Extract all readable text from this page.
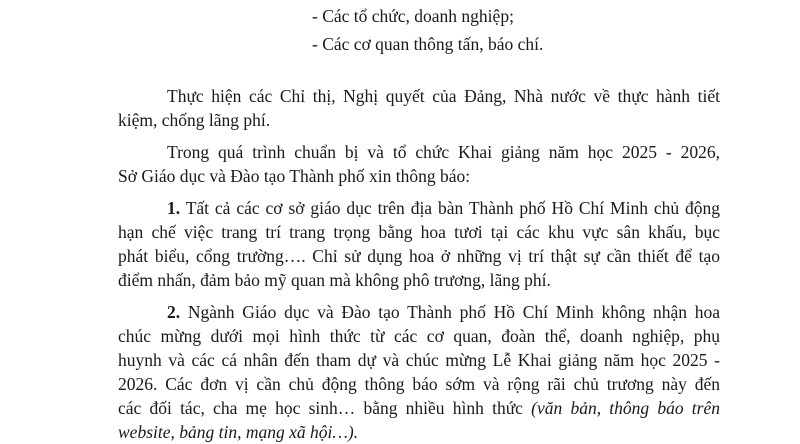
- Các tổ chức, doanh nghiệp;
- Các cơ quan thông tấn, báo chí.
Thực hiện các Chỉ thị, Nghị quyết của Đảng, Nhà nước về thực hành tiết
kiệm, chống lãng phí.
Trong quá trình chuẩn bị và tổ chức Khai giảng năm học 2025 - 2026,
Sở Giáo dục và Đào tạo Thành phố xin thông báo:
1. Tất cả các cơ sở giáo dục trên địa bàn Thành phố Hồ Chí Minh chủ động
hạn chế việc trang trí trang trọng bằng hoa tươi tại các khu vực sân khấu, bục
phát biểu, cổng trường…. Chỉ sử dụng hoa ở những vị trí thật sự cần thiết để tạo
điểm nhấn, đảm bảo mỹ quan mà không phô trương, lãng phí.
2. Ngành Giáo dục và Đào tạo Thành phố Hồ Chí Minh không nhận hoa
chúc mừng dưới mọi hình thức từ các cơ quan, đoàn thể, doanh nghiệp, phụ
huynh và các cá nhân đến tham dự và chúc mừng Lễ Khai giảng năm học 2025 -
2026. Các đơn vị cần chủ động thông báo sớm và rộng rãi chủ trương này đến
các đối tác, cha mẹ học sinh… bằng nhiều hình thức (văn bản, thông báo trên
website, bảng tin, mạng xã hội…).
